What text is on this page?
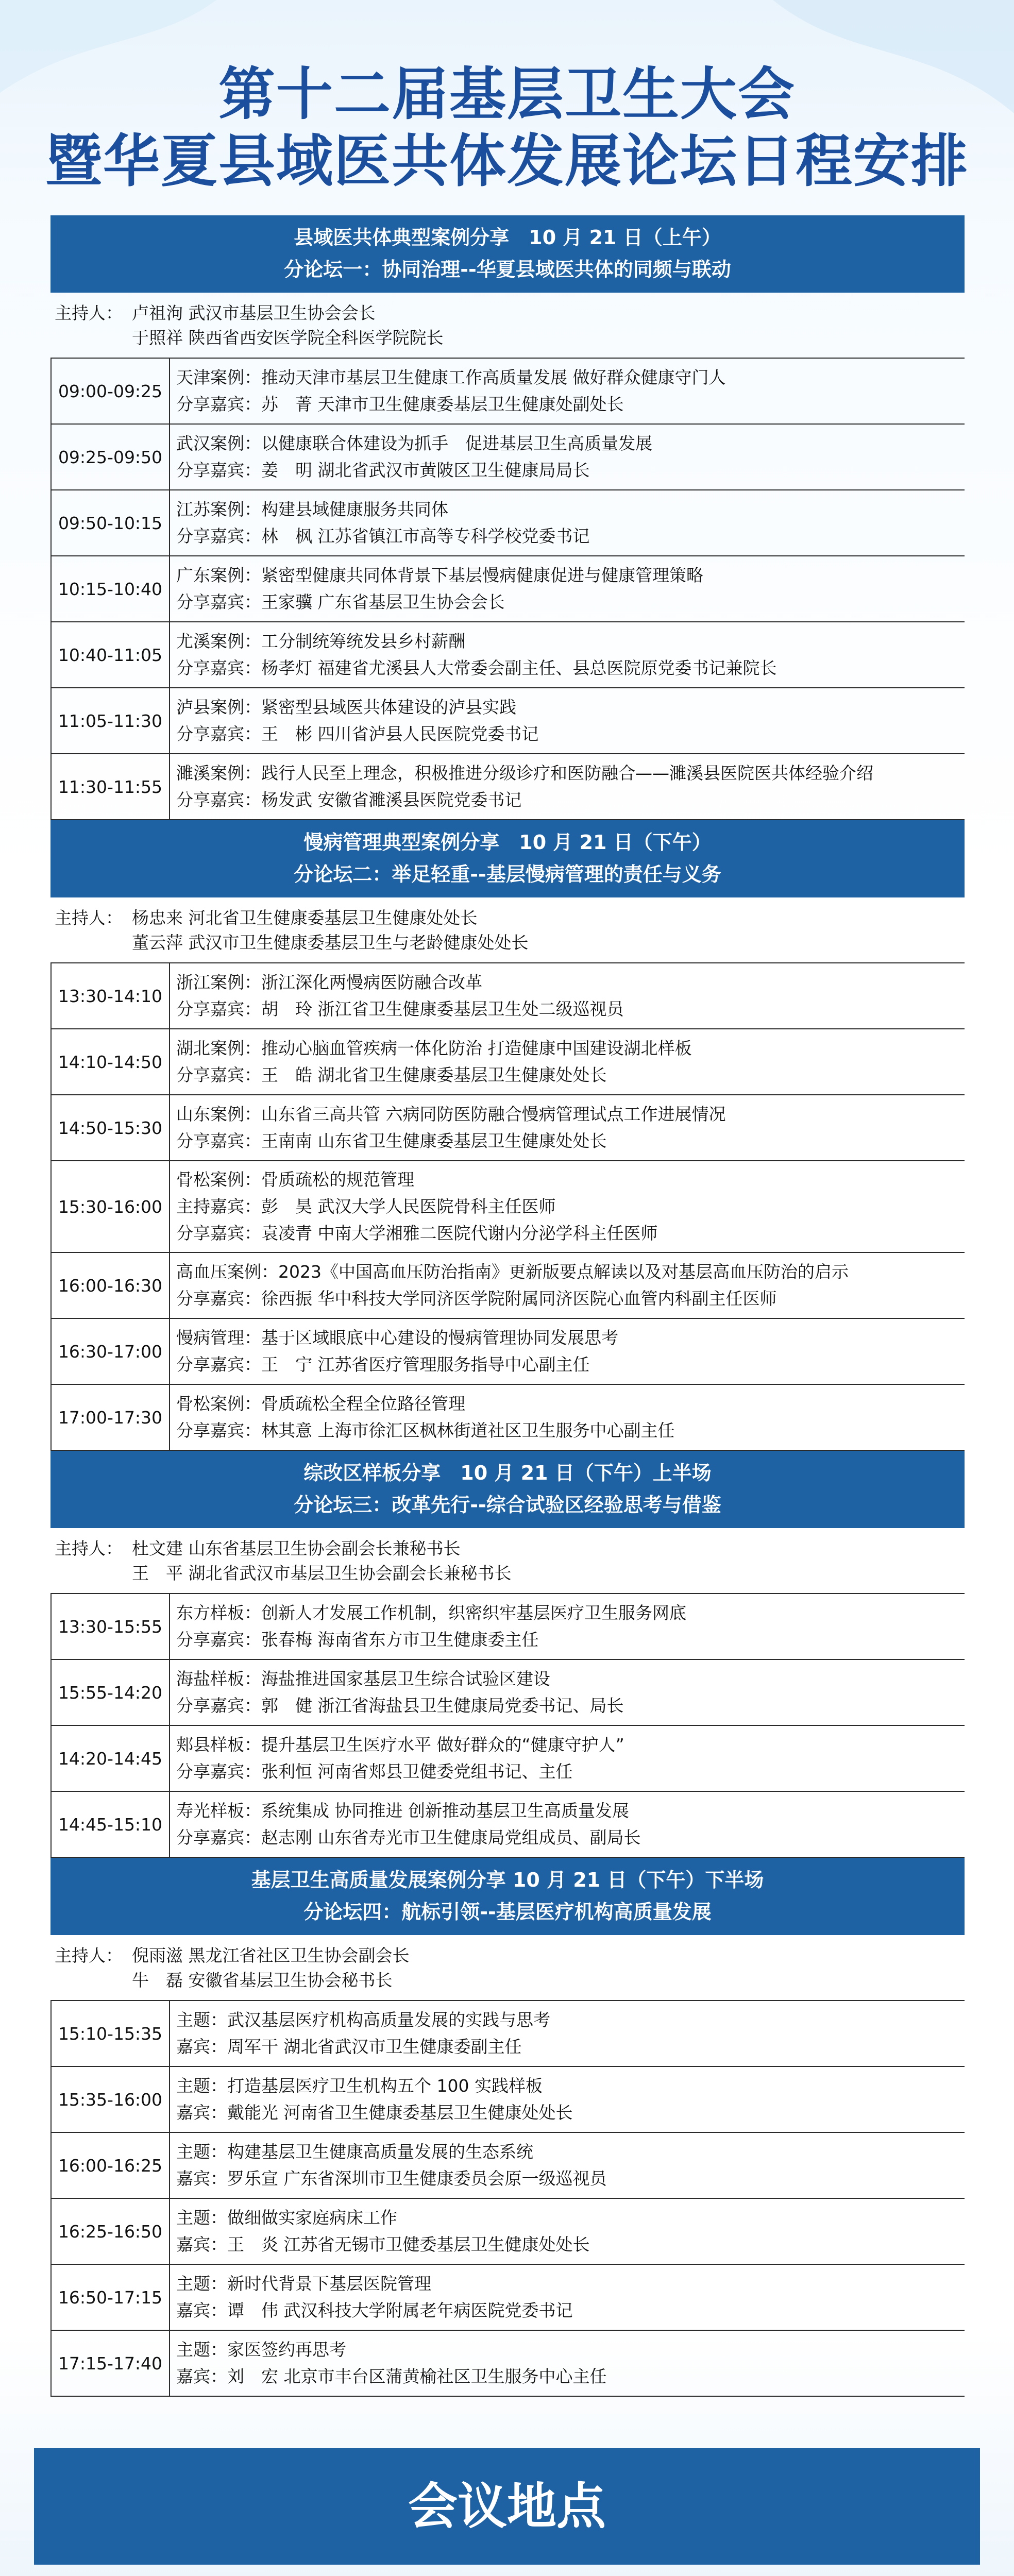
第十二届基层卫生大会
暨华夏县域医共体发展论坛日程安排
县域医共体典型案例分享　10 月 21 日（上午）
分论坛一：协同治理--华夏县域医共体的同频与联动
主持人： 卢祖洵 武汉市基层卫生协会会长
于照祥 陕西省西安医学院全科医学院院长
09:00-09:25
天津案例：推动天津市基层卫生健康工作高质量发展 做好群众健康守门人
分享嘉宾：苏　菁 天津市卫生健康委基层卫生健康处副处长
09:25-09:50
武汉案例：以健康联合体建设为抓手　促进基层卫生高质量发展
分享嘉宾：姜　明 湖北省武汉市黄陂区卫生健康局局长
09:50-10:15
江苏案例：构建县域健康服务共同体
分享嘉宾：林　枫 江苏省镇江市高等专科学校党委书记
10:15-10:40
广东案例：紧密型健康共同体背景下基层慢病健康促进与健康管理策略
分享嘉宾：王家骥 广东省基层卫生协会会长
10:40-11:05
尤溪案例：工分制统筹统发县乡村薪酬
分享嘉宾：杨孝灯 福建省尤溪县人大常委会副主任、县总医院原党委书记兼院长
11:05-11:30
泸县案例：紧密型县域医共体建设的泸县实践
分享嘉宾：王　彬 四川省泸县人民医院党委书记
11:30-11:55
濉溪案例：践行人民至上理念，积极推进分级诊疗和医防融合——濉溪县医院医共体经验介绍
分享嘉宾：杨发武 安徽省濉溪县医院党委书记
慢病管理典型案例分享　10 月 21 日（下午）
分论坛二：举足轻重--基层慢病管理的责任与义务
主持人： 杨忠来 河北省卫生健康委基层卫生健康处处长
董云萍 武汉市卫生健康委基层卫生与老龄健康处处长
13:30-14:10
浙江案例：浙江深化两慢病医防融合改革
分享嘉宾：胡　玲 浙江省卫生健康委基层卫生处二级巡视员
14:10-14:50
湖北案例：推动心脑血管疾病一体化防治 打造健康中国建设湖北样板
分享嘉宾：王　皓 湖北省卫生健康委基层卫生健康处处长
14:50-15:30
山东案例：山东省三高共管 六病同防医防融合慢病管理试点工作进展情况
分享嘉宾：王南南 山东省卫生健康委基层卫生健康处处长
15:30-16:00
骨松案例：骨质疏松的规范管理
主持嘉宾：彭　昊 武汉大学人民医院骨科主任医师
分享嘉宾：袁凌青 中南大学湘雅二医院代谢内分泌学科主任医师
16:00-16:30
高血压案例：2023《中国高血压防治指南》更新版要点解读以及对基层高血压防治的启示
分享嘉宾：徐西振 华中科技大学同济医学院附属同济医院心血管内科副主任医师
16:30-17:00
慢病管理：基于区域眼底中心建设的慢病管理协同发展思考
分享嘉宾：王　宁 江苏省医疗管理服务指导中心副主任
17:00-17:30
骨松案例：骨质疏松全程全位路径管理
分享嘉宾：林其意 上海市徐汇区枫林街道社区卫生服务中心副主任
综改区样板分享　10 月 21 日（下午）上半场
分论坛三：改革先行--综合试验区经验思考与借鉴
主持人： 杜文建 山东省基层卫生协会副会长兼秘书长
王　平 湖北省武汉市基层卫生协会副会长兼秘书长
13:30-15:55
东方样板：创新人才发展工作机制，织密织牢基层医疗卫生服务网底
分享嘉宾：张春梅 海南省东方市卫生健康委主任
15:55-14:20
海盐样板：海盐推进国家基层卫生综合试验区建设
分享嘉宾：郭　健 浙江省海盐县卫生健康局党委书记、局长
14:20-14:45
郏县样板：提升基层卫生医疗水平 做好群众的“健康守护人”
分享嘉宾：张利恒 河南省郏县卫健委党组书记、主任
14:45-15:10
寿光样板：系统集成 协同推进 创新推动基层卫生高质量发展
分享嘉宾：赵志刚 山东省寿光市卫生健康局党组成员、副局长
基层卫生高质量发展案例分享 10 月 21 日（下午）下半场
分论坛四：航标引领--基层医疗机构高质量发展
主持人： 倪雨滋 黑龙江省社区卫生协会副会长
牛　磊 安徽省基层卫生协会秘书长
15:10-15:35
主题：武汉基层医疗机构高质量发展的实践与思考
嘉宾：周军干 湖北省武汉市卫生健康委副主任
15:35-16:00
主题：打造基层医疗卫生机构五个 100 实践样板
嘉宾：戴能光 河南省卫生健康委基层卫生健康处处长
16:00-16:25
主题：构建基层卫生健康高质量发展的生态系统
嘉宾：罗乐宣 广东省深圳市卫生健康委员会原一级巡视员
16:25-16:50
主题：做细做实家庭病床工作
嘉宾：王　炎 江苏省无锡市卫健委基层卫生健康处处长
16:50-17:15
主题：新时代背景下基层医院管理
嘉宾：谭　伟 武汉科技大学附属老年病医院党委书记
17:15-17:40
主题：家医签约再思考
嘉宾：刘　宏 北京市丰台区蒲黄榆社区卫生服务中心主任
会议地点
